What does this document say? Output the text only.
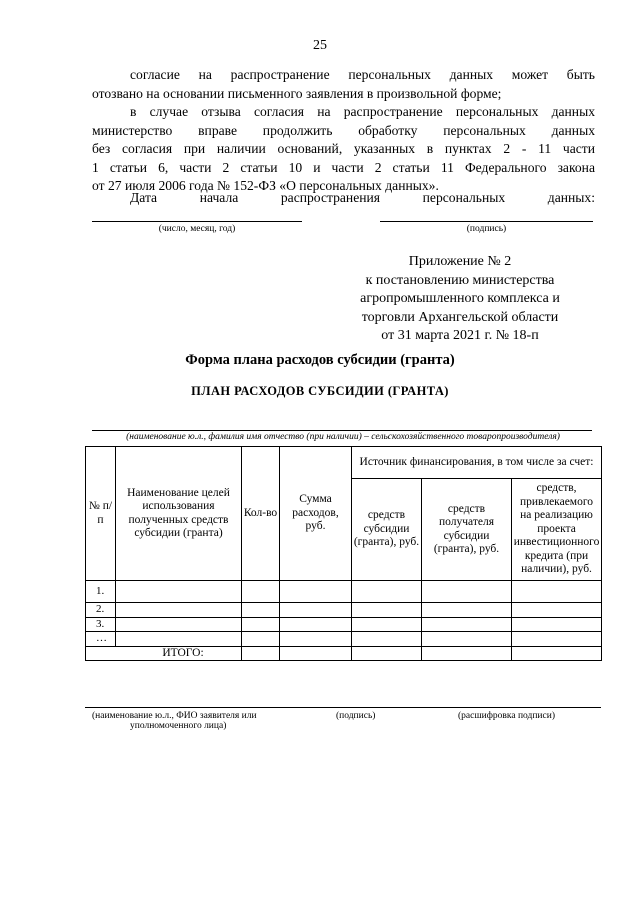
25
согласие на распространение персональных данных может быть
отозвано на основании письменного заявления в произвольной форме;
в случае отзыва согласия на распространение персональных данных
министерство вправе продолжить обработку персональных данных
без согласия при наличии оснований, указанных в пунктах 2 - 11 части
1 статьи 6, части 2 статьи 10 и части 2 статьи 11 Федерального закона
от 27 июля 2006 года № 152-ФЗ «О персональных данных».
Дата начала распространения персональных данных:
(число, месяц, год)	(подпись)
Приложение № 2
к постановлению министерства
агропромышленного комплекса и
торговли Архангельской области
от 31 марта 2021 г. № 18-п
Форма плана расходов субсидии (гранта)
ПЛАН РАСХОДОВ СУБСИДИИ (ГРАНТА)
(наименование ю.л., фамилия имя отчество (при наличии) – сельскохозяйственного товаропроизводителя)
№ п/п	Наименование целей использования полученных средств субсидии (гранта)	Кол-во	Сумма расходов, руб.	Источник финансирования, в том числе за счет:		
				средств субсидии (гранта), руб.	средств получателя субсидии (гранта), руб.	средств, привлекаемого на реализацию проекта инвестиционного кредита (при наличии), руб.
1.						
2.						
3.						
…						
ИТОГО:						
(наименование ю.л., ФИО заявителя или
уполномоченного лица)
(подпись)	(расшифровка подписи)
